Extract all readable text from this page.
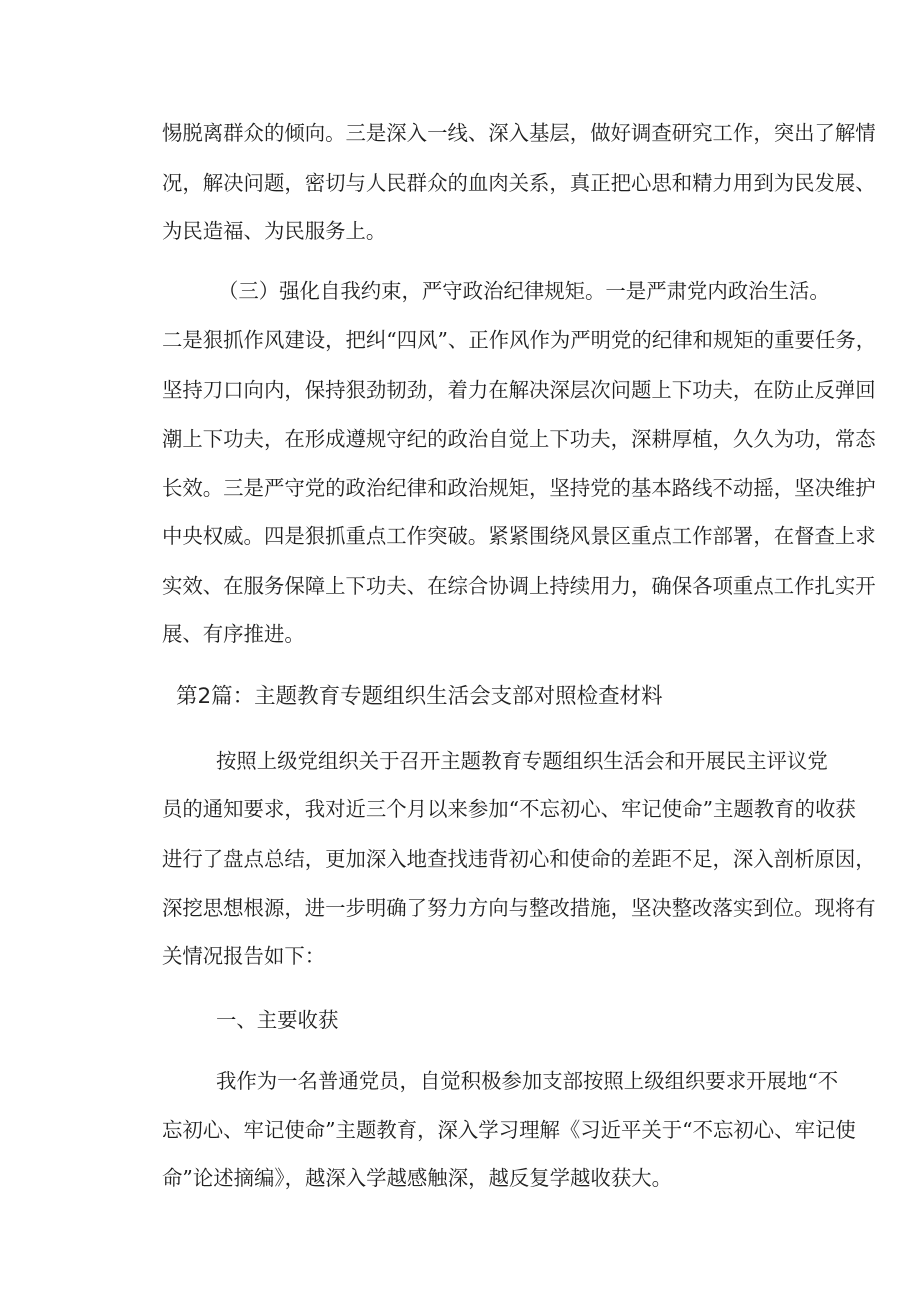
惕脱离群众的倾向。三是深入一线、深入基层，做好调查研究工作，突出了解情
况，解决问题，密切与人民群众的血肉关系，真正把心思和精力用到为民发展、
为民造福、为民服务上。
（三）强化自我约束，严守政治纪律规矩。一是严肃党内政治生活。
二是狠抓作风建设，把纠“四风”、正作风作为严明党的纪律和规矩的重要任务，
坚持刀口向内，保持狠劲韧劲，着力在解决深层次问题上下功夫，在防止反弹回
潮上下功夫，在形成遵规守纪的政治自觉上下功夫，深耕厚植，久久为功，常态
长效。三是严守党的政治纪律和政治规矩，坚持党的基本路线不动摇，坚决维护
中央权威。四是狠抓重点工作突破。紧紧围绕风景区重点工作部署，在督查上求
实效、在服务保障上下功夫、在综合协调上持续用力，确保各项重点工作扎实开
展、有序推进。
第2篇：主题教育专题组织生活会支部对照检查材料
按照上级党组织关于召开主题教育专题组织生活会和开展民主评议党
员的通知要求，我对近三个月以来参加“不忘初心、牢记使命”主题教育的收获
进行了盘点总结，更加深入地查找违背初心和使命的差距不足，深入剖析原因，
深挖思想根源，进一步明确了努力方向与整改措施，坚决整改落实到位。现将有
关情况报告如下：
一、主要收获
我作为一名普通党员，自觉积极参加支部按照上级组织要求开展地“不
忘初心、牢记使命”主题教育，深入学习理解《习近平关于“不忘初心、牢记使
命”论述摘编》，越深入学越感触深，越反复学越收获大。
